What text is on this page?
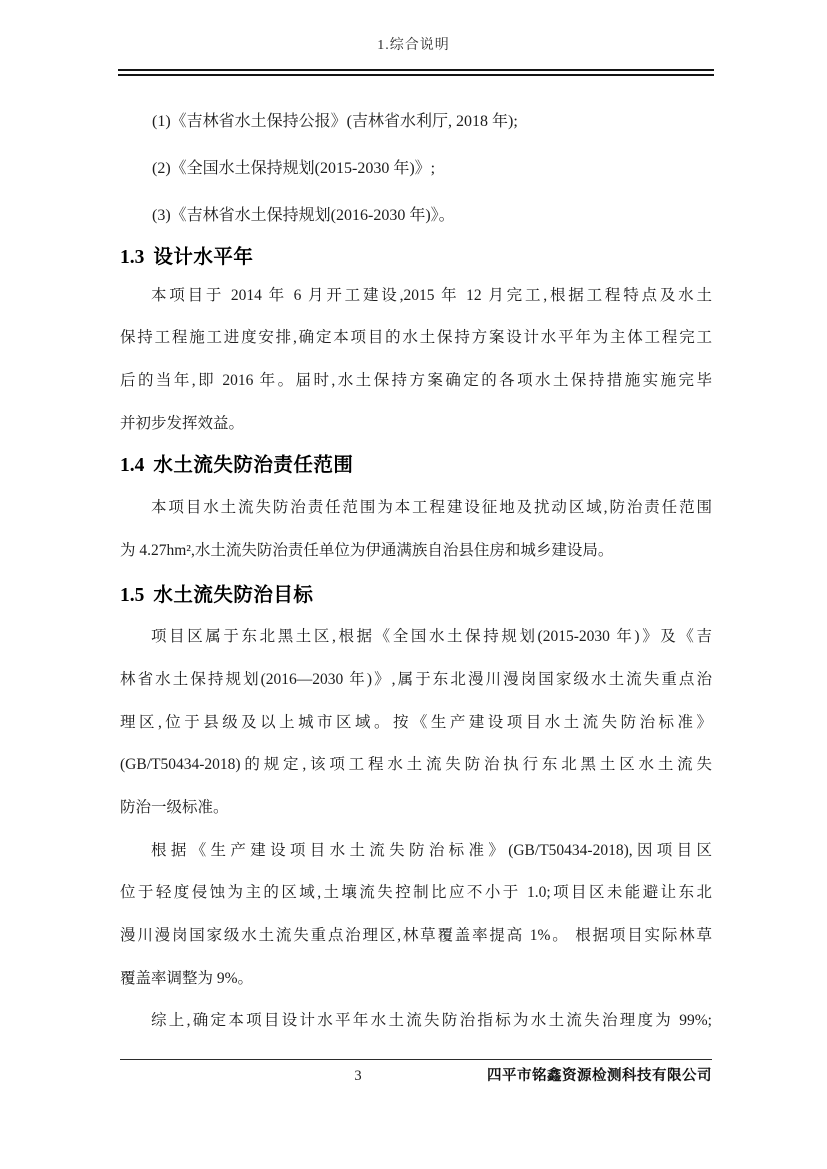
1.综合说明
(1)《吉林省水土保持公报》(吉林省水利厅, 2018 年);
(2)《全国水土保持规划(2015-2030 年)》;
(3)《吉林省水土保持规划(2016-2030 年)》。
1.3 设计水平年
本项目于 2014 年 6 月开工建设,2015 年 12 月完工,根据工程特点及水土
保持工程施工进度安排,确定本项目的水土保持方案设计水平年为主体工程完工
后的当年,即 2016 年。届时,水土保持方案确定的各项水土保持措施实施完毕
并初步发挥效益。
1.4 水土流失防治责任范围
本项目水土流失防治责任范围为本工程建设征地及扰动区域,防治责任范围
为 4.27hm²,水土流失防治责任单位为伊通满族自治县住房和城乡建设局。
1.5 水土流失防治目标
项目区属于东北黑土区,根据《全国水土保持规划(2015-2030 年)》及《吉
林省水土保持规划(2016—2030 年)》,属于东北漫川漫岗国家级水土流失重点治
理区,位于县级及以上城市区域。按《生产建设项目水土流失防治标准》
(GB/T50434-2018)的规定,该项工程水土流失防治执行东北黑土区水土流失
防治一级标准。
根据《生产建设项目水土流失防治标准》(GB/T50434-2018),因项目区
位于轻度侵蚀为主的区域,土壤流失控制比应不小于 1.0;项目区未能避让东北
漫川漫岗国家级水土流失重点治理区,林草覆盖率提高 1%。 根据项目实际林草
覆盖率调整为 9%。
综上,确定本项目设计水平年水土流失防治指标为水土流失治理度为 99%;
3	四平市铭鑫资源检测科技有限公司
